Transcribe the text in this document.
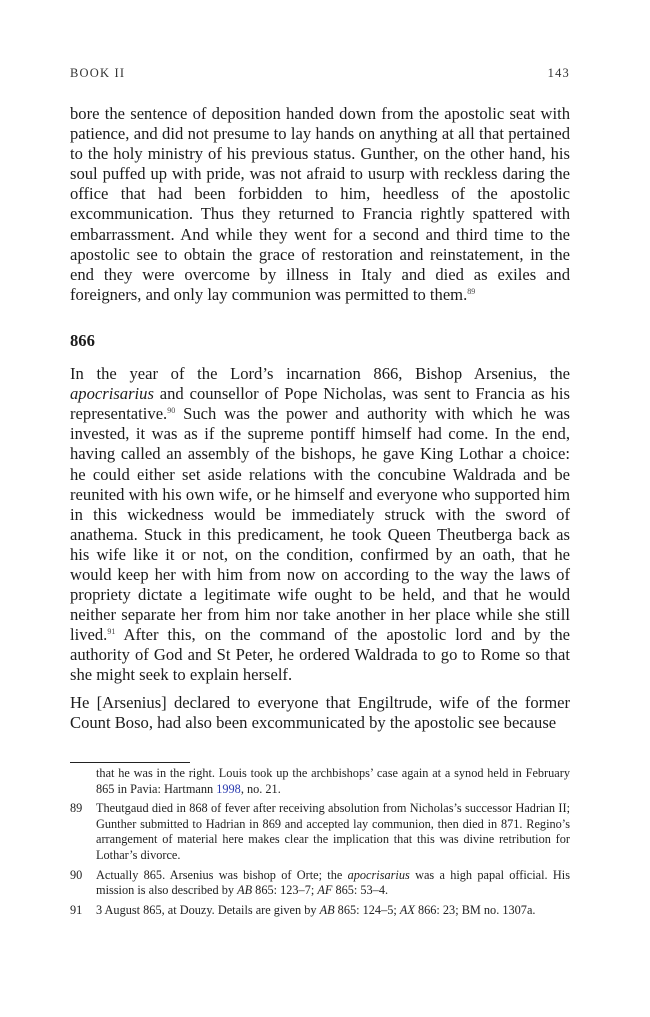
BOOK II	143

bore the sentence of deposition handed down from the apostolic seat with patience, and did not presume to lay hands on anything at all that pertained to the holy ministry of his previous status. Gunther, on the other hand, his soul puffed up with pride, was not afraid to usurp with reckless daring the office that had been forbidden to him, heedless of the apostolic excommunication. Thus they returned to Francia rightly spattered with embarrassment. And while they went for a second and third time to the apostolic see to obtain the grace of restoration and reinstatement, in the end they were overcome by illness in Italy and died as exiles and foreigners, and only lay communion was permitted to them.$^{89}$

866

In the year of the Lord’s incarnation 866, Bishop Arsenius, the apocrisarius and counsellor of Pope Nicholas, was sent to Francia as his representative.$^{90}$ Such was the power and authority with which he was invested, it was as if the supreme pontiff himself had come. In the end, having called an assembly of the bishops, he gave King Lothar a choice: he could either set aside relations with the concubine Waldrada and be reunited with his own wife, or he himself and everyone who supported him in this wickedness would be immediately struck with the sword of anathema. Stuck in this predicament, he took Queen Theutberga back as his wife like it or not, on the condition, confirmed by an oath, that he would keep her with him from now on according to the way the laws of propriety dictate a legitimate wife ought to be held, and that he would neither separate her from him nor take another in her place while she still lived.$^{91}$ After this, on the command of the apostolic lord and by the authority of God and St Peter, he ordered Waldrada to go to Rome so that she might seek to explain herself.

He [Arsenius] declared to everyone that Engiltrude, wife of the former Count Boso, had also been excommunicated by the apostolic see because

that he was in the right. Louis took up the archbishops’ case again at a synod held in February 865 in Pavia: Hartmann 1998, no. 21.
89	Theutgaud died in 868 of fever after receiving absolution from Nicholas’s successor Hadrian II; Gunther submitted to Hadrian in 869 and accepted lay communion, then died in 871. Regino’s arrangement of material here makes clear the implication that this was divine retribution for Lothar’s divorce.
90	Actually 865. Arsenius was bishop of Orte; the apocrisarius was a high papal official. His mission is also described by AB 865: 123–7; AF 865: 53–4.
91	3 August 865, at Douzy. Details are given by AB 865: 124–5; AX 866: 23; BM no. 1307a.
